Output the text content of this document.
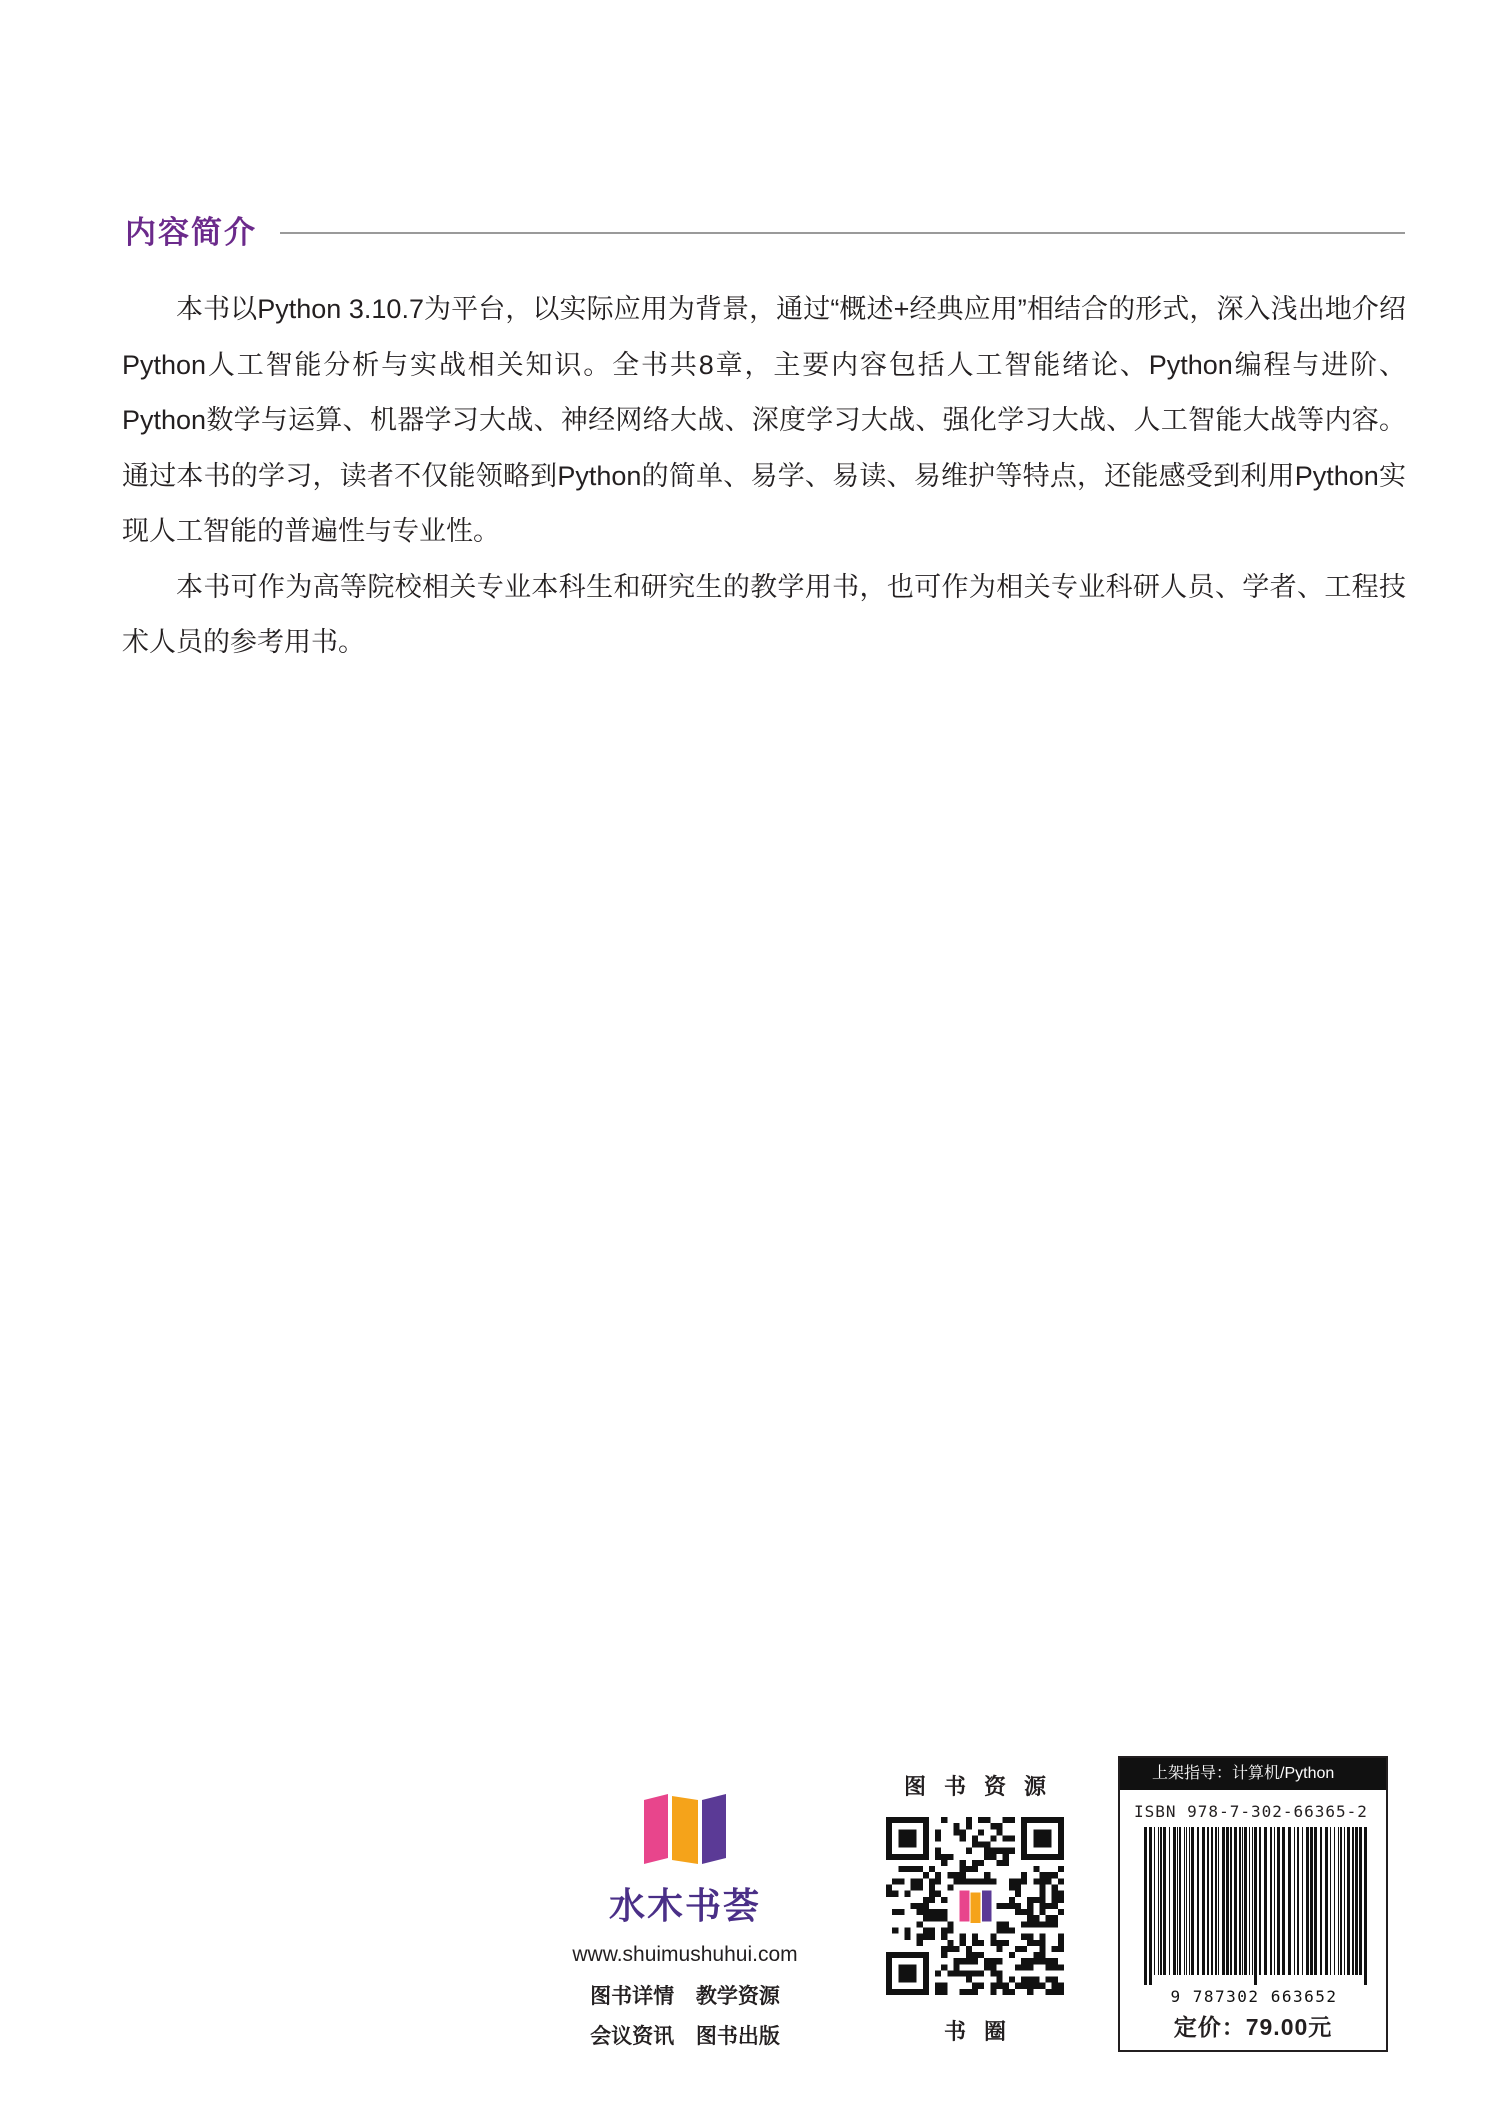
内容简介

本书以Python 3.10.7为平台，以实际应用为背景，通过“概述+经典应用”相结合的形式，深入浅出地介绍Python人工智能分析与实战相关知识。全书共8章，主要内容包括人工智能绪论、Python编程与进阶、Python数学与运算、机器学习大战、神经网络大战、深度学习大战、强化学习大战、人工智能大战等内容。通过本书的学习，读者不仅能领略到Python的简单、易学、易读、易维护等特点，还能感受到利用Python实现人工智能的普遍性与专业性。

本书可作为高等院校相关专业本科生和研究生的教学用书，也可作为相关专业科研人员、学者、工程技术人员的参考用书。

水木书荟
www.shuimushuhui.com
图书详情 教学资源
会议资讯 图书出版
图书资源
书圈
上架指导：计算机/Python
ISBN 978-7-302-66365-2
9 787302 663652
定价：79.00元
